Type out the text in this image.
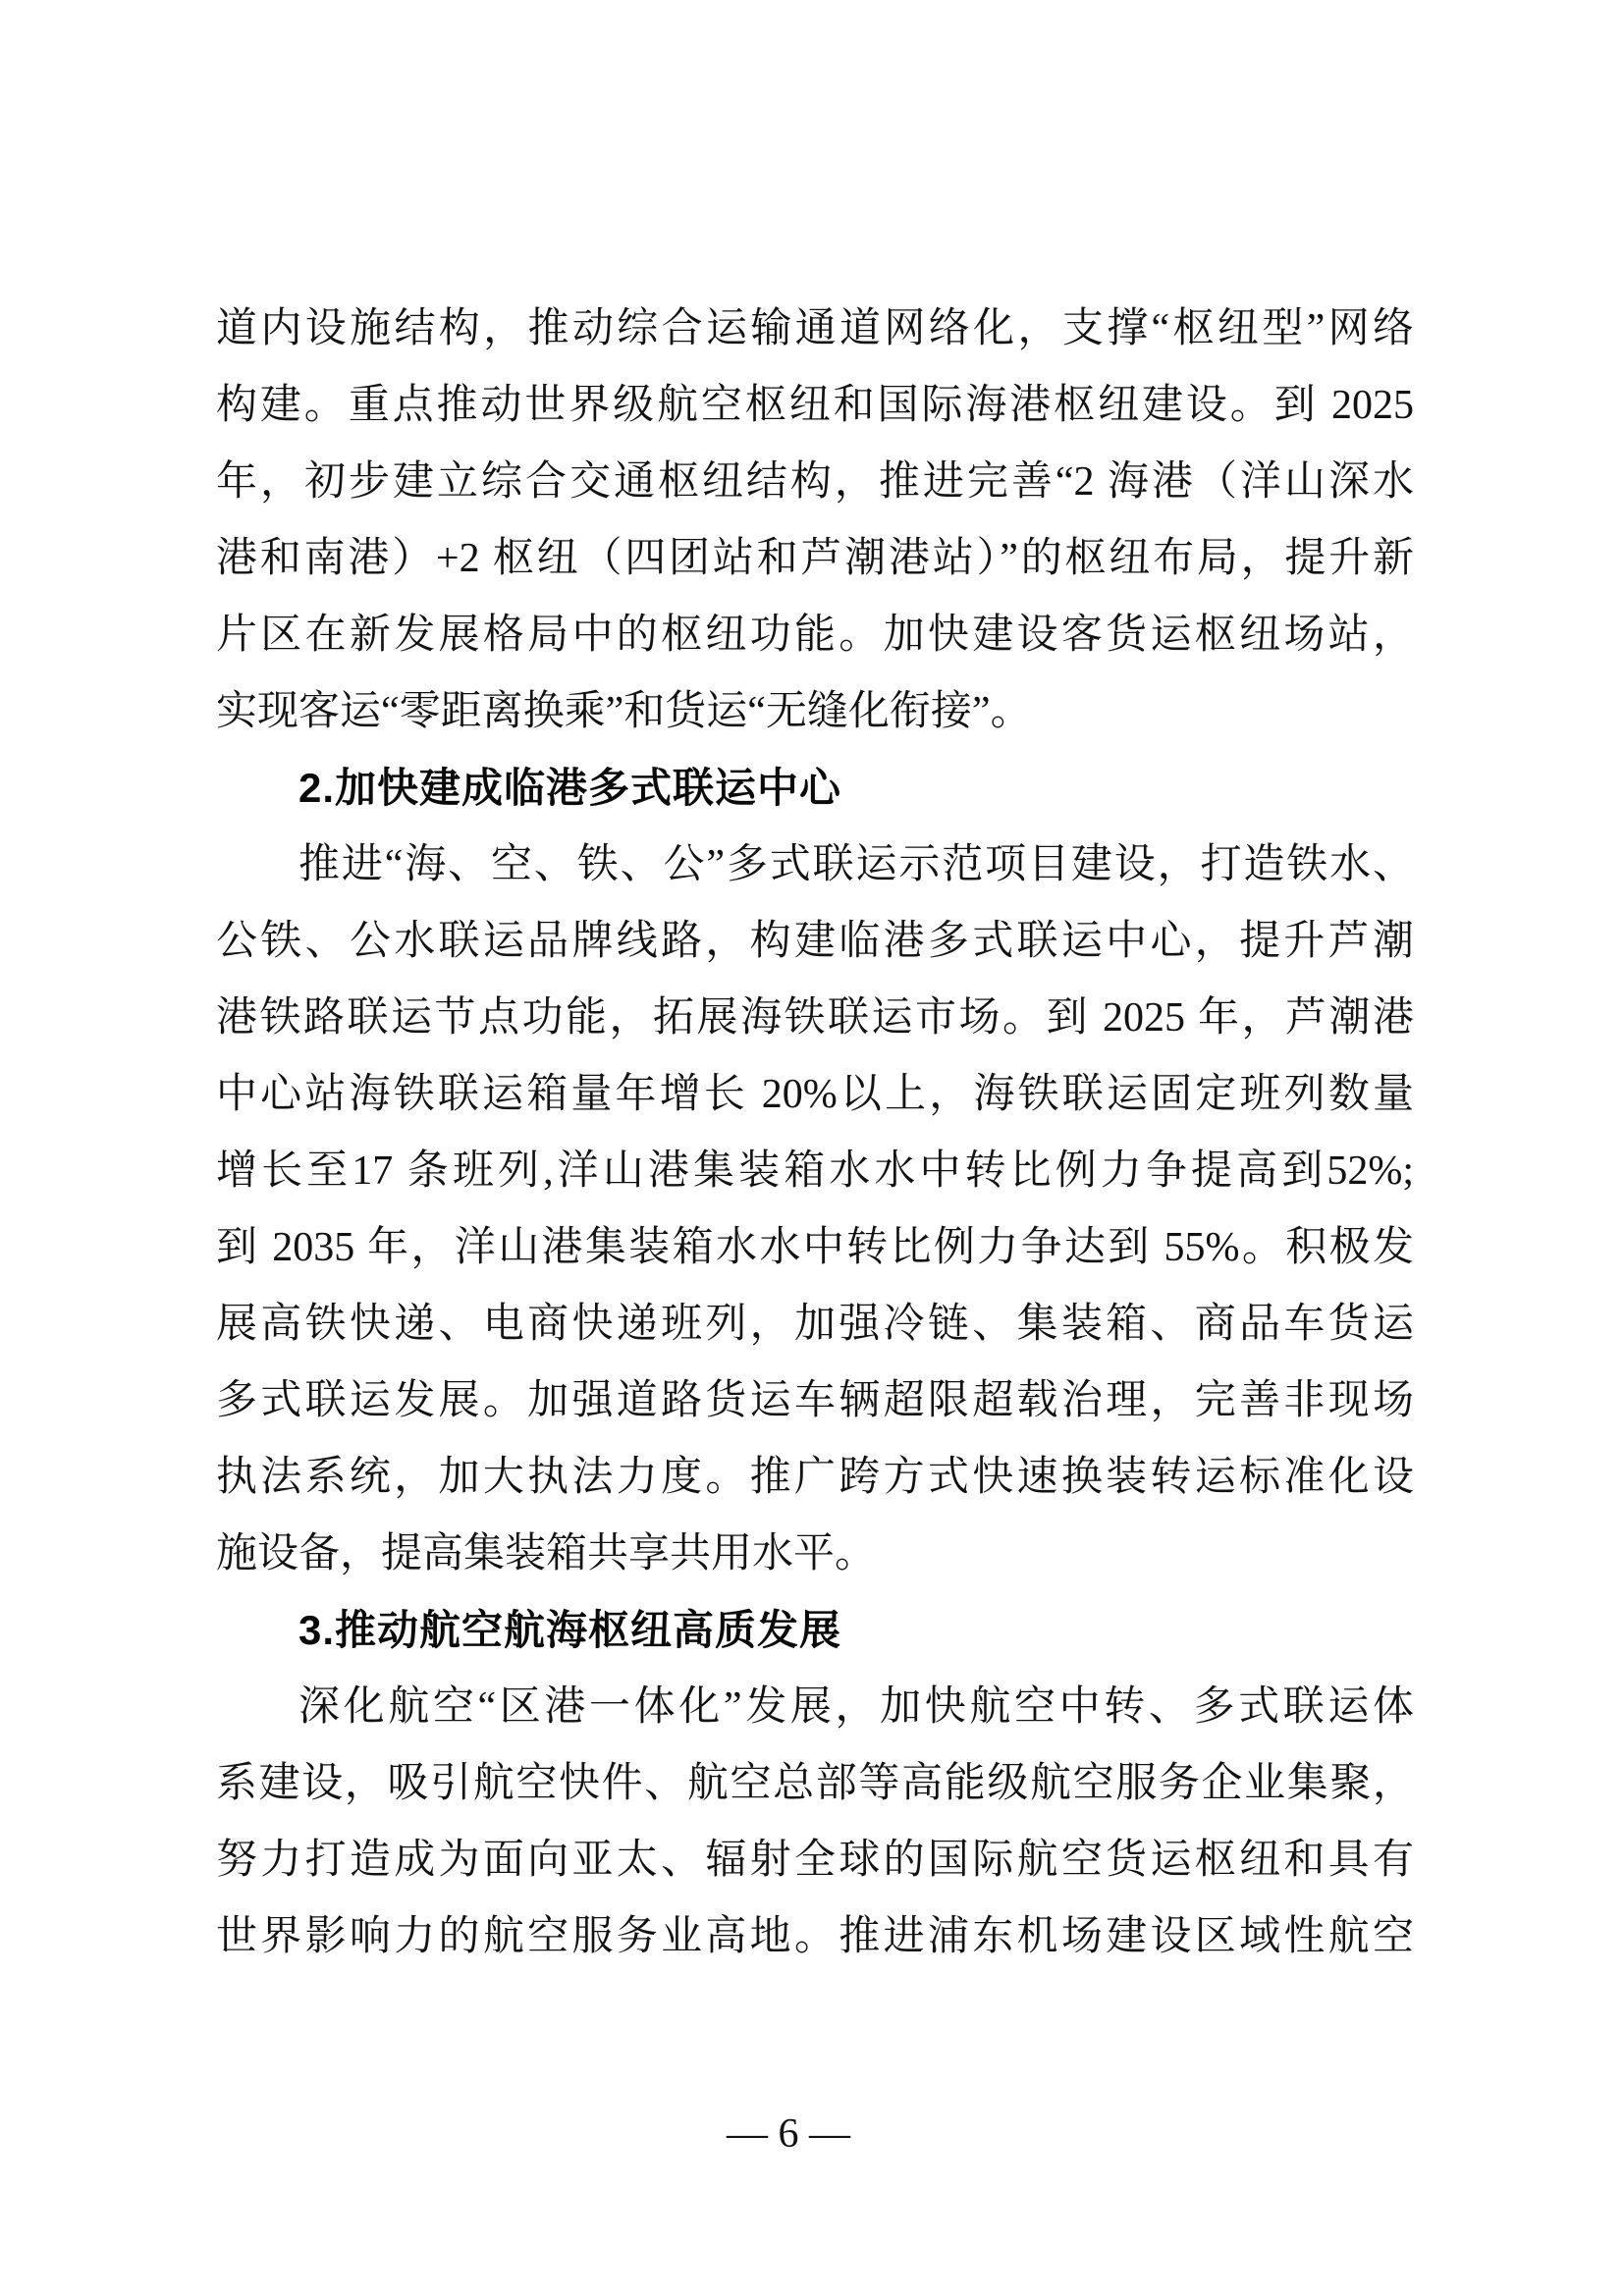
道内设施结构，推动综合运输通道网络化，支撑“枢纽型”网络
构建。重点推动世界级航空枢纽和国际海港枢纽建设。到 2025
年，初步建立综合交通枢纽结构，推进完善“2 海港（洋山深水
港和南港）+2 枢纽（四团站和芦潮港站）”的枢纽布局，提升新
片区在新发展格局中的枢纽功能。加快建设客货运枢纽场站，
实现客运“零距离换乘”和货运“无缝化衔接”。
2.加快建成临港多式联运中心
推进“海、空、铁、公”多式联运示范项目建设，打造铁水、
公铁、公水联运品牌线路，构建临港多式联运中心，提升芦潮
港铁路联运节点功能，拓展海铁联运市场。到 2025 年，芦潮港
中心站海铁联运箱量年增长 20%以上，海铁联运固定班列数量
增长至17 条班列,洋山港集装箱水水中转比例力争提高到52%;
到 2035 年，洋山港集装箱水水中转比例力争达到 55%。积极发
展高铁快递、电商快递班列，加强冷链、集装箱、商品车货运
多式联运发展。加强道路货运车辆超限超载治理，完善非现场
执法系统，加大执法力度。推广跨方式快速换装转运标准化设
施设备，提高集装箱共享共用水平。
3.推动航空航海枢纽高质发展
深化航空“区港一体化”发展，加快航空中转、多式联运体
系建设，吸引航空快件、航空总部等高能级航空服务企业集聚，
努力打造成为面向亚太、辐射全球的国际航空货运枢纽和具有
世界影响力的航空服务业高地。推进浦东机场建设区域性航空
— 6 —
